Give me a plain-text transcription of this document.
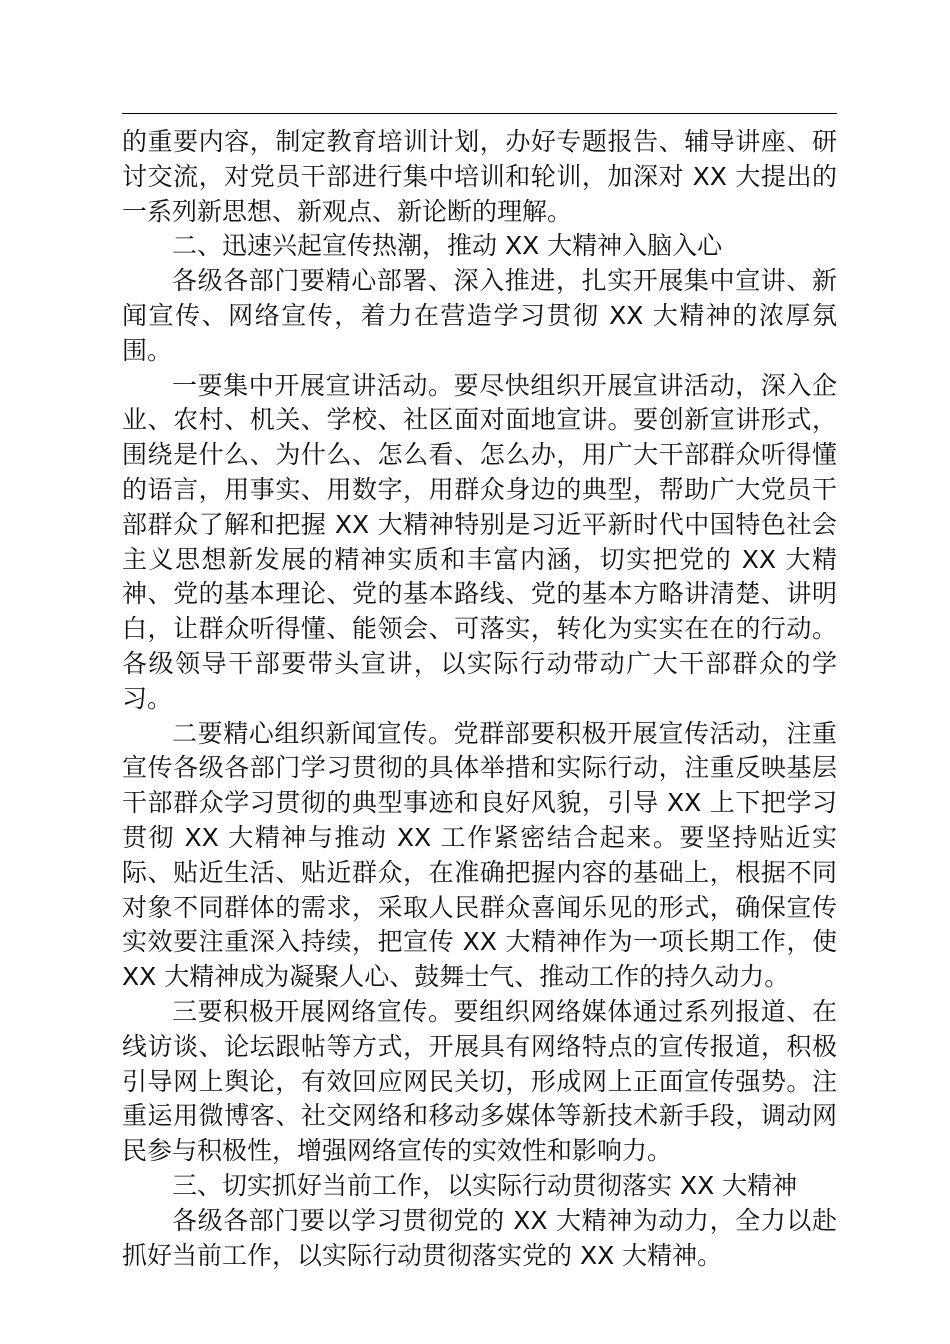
的重要内容，制定教育培训计划，办好专题报告、辅导讲座、研讨交流，对党员干部进行集中培训和轮训，加深对 XX 大提出的一系列新思想、新观点、新论断的理解。

二、迅速兴起宣传热潮，推动 XX 大精神入脑入心

各级各部门要精心部署、深入推进，扎实开展集中宣讲、新闻宣传、网络宣传，着力在营造学习贯彻 XX 大精神的浓厚氛围。

一要集中开展宣讲活动。要尽快组织开展宣讲活动，深入企业、农村、机关、学校、社区面对面地宣讲。要创新宣讲形式，围绕是什么、为什么、怎么看、怎么办，用广大干部群众听得懂的语言，用事实、用数字，用群众身边的典型，帮助广大党员干部群众了解和把握 XX 大精神特别是习近平新时代中国特色社会主义思想新发展的精神实质和丰富内涵，切实把党的 XX 大精神、党的基本理论、党的基本路线、党的基本方略讲清楚、讲明白，让群众听得懂、能领会、可落实，转化为实实在在的行动。各级领导干部要带头宣讲，以实际行动带动广大干部群众的学习。

二要精心组织新闻宣传。党群部要积极开展宣传活动，注重宣传各级各部门学习贯彻的具体举措和实际行动，注重反映基层干部群众学习贯彻的典型事迹和良好风貌，引导 XX 上下把学习贯彻 XX 大精神与推动 XX 工作紧密结合起来。要坚持贴近实际、贴近生活、贴近群众，在准确把握内容的基础上，根据不同对象不同群体的需求，采取人民群众喜闻乐见的形式，确保宣传实效要注重深入持续，把宣传 XX 大精神作为一项长期工作，使 XX 大精神成为凝聚人心、鼓舞士气、推动工作的持久动力。

三要积极开展网络宣传。要组织网络媒体通过系列报道、在线访谈、论坛跟帖等方式，开展具有网络特点的宣传报道，积极引导网上舆论，有效回应网民关切，形成网上正面宣传强势。注重运用微博客、社交网络和移动多媒体等新技术新手段，调动网民参与积极性，增强网络宣传的实效性和影响力。

三、切实抓好当前工作，以实际行动贯彻落实 XX 大精神

各级各部门要以学习贯彻党的 XX 大精神为动力，全力以赴抓好当前工作，以实际行动贯彻落实党的 XX 大精神。
